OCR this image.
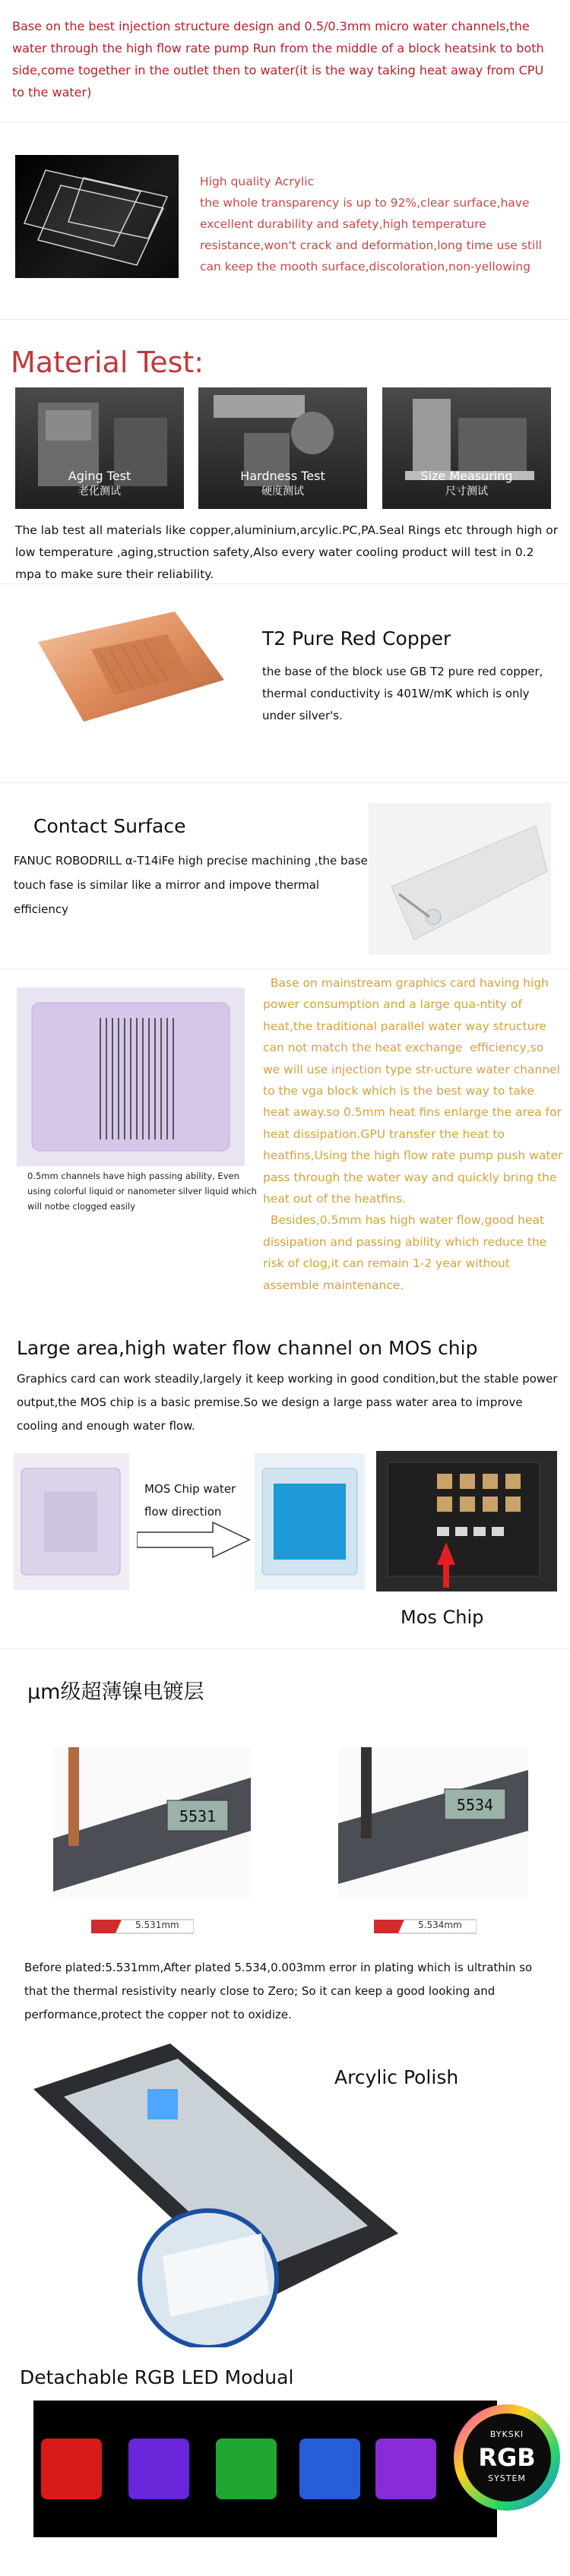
Base on the best injection structure design and 0.5/0.3mm micro water channels,the water through the high flow rate pump Run from the middle of a block heatsink to both side,come together in the outlet then to water(it is the way taking heat away from CPU to the water)
High quality Acrylic
the whole transparency is up to 92%,clear surface,have
excellent durability and safety,high temperature
resistance,won't crack and deformation,long time use still
can keep the mooth surface,discoloration,non-yellowing
Material Test:
Aging Test
老化测试
Hardness Test
硬度测试
Size Measuring
尺寸测试
The lab test all materials like copper,aluminium,arcylic.PC,PA.Seal Rings etc through high or low temperature ,aging,struction safety,Also every water cooling product will test in 0.2 mpa to make sure their reliability.
T2 Pure Red Copper
the base of the block use GB T2 pure red copper, thermal conductivity is 401W/mK which is only under silver's.
Contact Surface
FANUC ROBODRILL α-T14iFe high precise machining ,the base touch fase is similar like a mirror and impove thermal efficiency
0.5mm channels have high passing ability, Even using colorful liquid or nanometer silver liquid which will notbe clogged easily
Base on mainstream graphics card having high power consumption and a large qua-ntity of heat,the traditional parallel water way structure can not match the heat exchange  efficiency,so we will use injection type str-ucture water channel to the vga block which is the best way to take heat away.so 0.5mm heat fins enlarge the area for heat dissipation.GPU transfer the heat to heatfins,Using the high flow rate pump push water pass through the water way and quickly bring the heat out of the heatfins.
Besides,0.5mm has high water flow,good heat dissipation and passing ability which reduce the risk of clog,it can remain 1-2 year without assemble maintenance.
Large area,high water flow channel on MOS chip
Graphics card can work steadily,largely it keep working in good condition,but the stable power output,the MOS chip is a basic premise.So we design a large pass water area to improve cooling and enough water flow.
MOS Chip water flow direction
Mos Chip
μm级超薄镍电镀层
5531
5534
5.531mm	5.534mm
Before plated:5.531mm,After plated 5.534,0.003mm error in plating which is ultrathin so that the thermal resistivity nearly close to Zero; So it can keep a good looking and performance,protect the copper not to oxidize.
Arcylic Polish
Detachable RGB LED Modual
BYKSKI
RGB
SYSTEM
